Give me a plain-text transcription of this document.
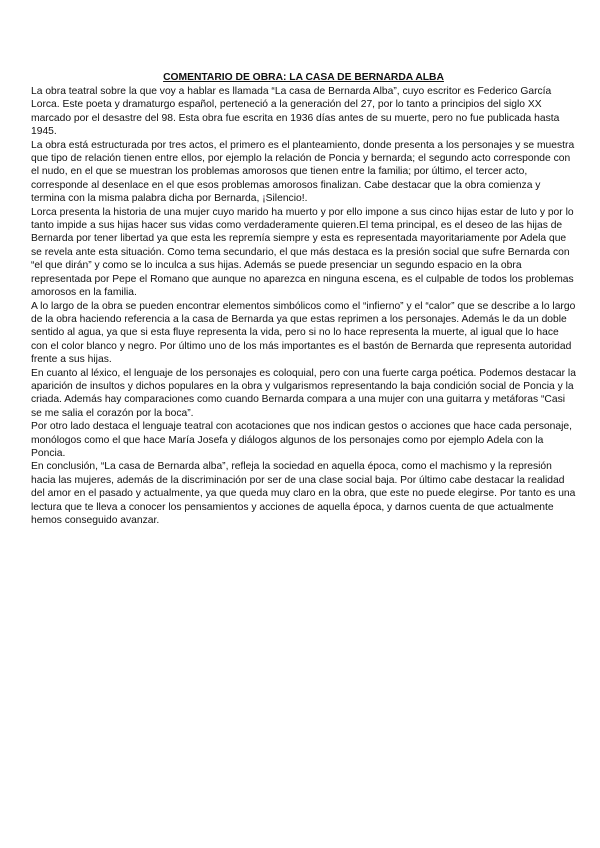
COMENTARIO DE OBRA: LA CASA DE BERNARDA ALBA

La obra teatral sobre la que voy a hablar es llamada “La casa de Bernarda Alba”, cuyo escritor es Federico García Lorca. Este poeta y dramaturgo español, perteneció a la generación del 27, por lo tanto a principios del siglo XX marcado por el desastre del 98. Esta obra fue escrita en 1936 días antes de su muerte, pero no fue publicada hasta 1945.

La obra está estructurada por tres actos, el primero es el planteamiento, donde presenta a los personajes y se muestra que tipo de relación tienen entre ellos, por ejemplo la relación de Poncia y bernarda; el segundo acto corresponde con el nudo, en el que se muestran los problemas amorosos que tienen entre la familia; por último, el tercer acto, corresponde al desenlace en el que esos problemas amorosos finalizan. Cabe destacar que la obra comienza y termina con la misma palabra dicha por Bernarda, ¡Silencio!.

Lorca presenta la historia de una mujer cuyo marido ha muerto y por ello impone a sus cinco hijas estar de luto y por lo tanto impide a sus hijas hacer sus vidas como verdaderamente quieren.El tema principal, es el deseo de las hijas de Bernarda por tener libertad ya que esta les repremía siempre y esta es representada mayoritariamente por Adela que se revela ante esta situación. Como tema secundario, el que más destaca es la presión social que sufre Bernarda con “el que dirán” y como se lo inculca a sus hijas. Además se puede presenciar un segundo espacio en la obra representada por Pepe el Romano que aunque no aparezca en ninguna escena, es el culpable de todos los problemas amorosos en la familia.

A lo largo de la obra se pueden encontrar elementos simbólicos como el “infierno” y el “calor” que se describe a lo largo de la obra haciendo referencia a la casa de Bernarda ya que estas reprimen a los personajes. Además le da un doble sentido al agua, ya que si esta fluye representa la vida, pero si no lo hace representa la muerte, al igual que lo hace con el color blanco y negro. Por último uno de los más importantes es el bastón de Bernarda que representa autoridad frente a sus hijas.

En cuanto al léxico, el lenguaje de los personajes es coloquial, pero con una fuerte carga poética. Podemos destacar la aparición de insultos y dichos populares en la obra y vulgarismos representando la baja condición social de Poncia y la criada. Además hay comparaciones como cuando Bernarda compara a una mujer con una guitarra y metáforas “Casi se me salia el corazón por la boca”.

Por otro lado destaca el lenguaje teatral con acotaciones que nos indican gestos o acciones que hace cada personaje, monólogos como el que hace María Josefa y diálogos algunos de los personajes como por ejemplo Adela con la Poncia.

En conclusión, “La casa de Bernarda alba”, refleja la sociedad en aquella época, como el machismo y la represión hacia las mujeres, además de la discriminación por ser de una clase social baja. Por último cabe destacar la realidad del amor en el pasado y actualmente, ya que queda muy claro en la obra, que este no puede elegirse. Por tanto es una lectura que te lleva a conocer los pensamientos y acciones de aquella época, y darnos cuenta de que actualmente hemos conseguido avanzar.
